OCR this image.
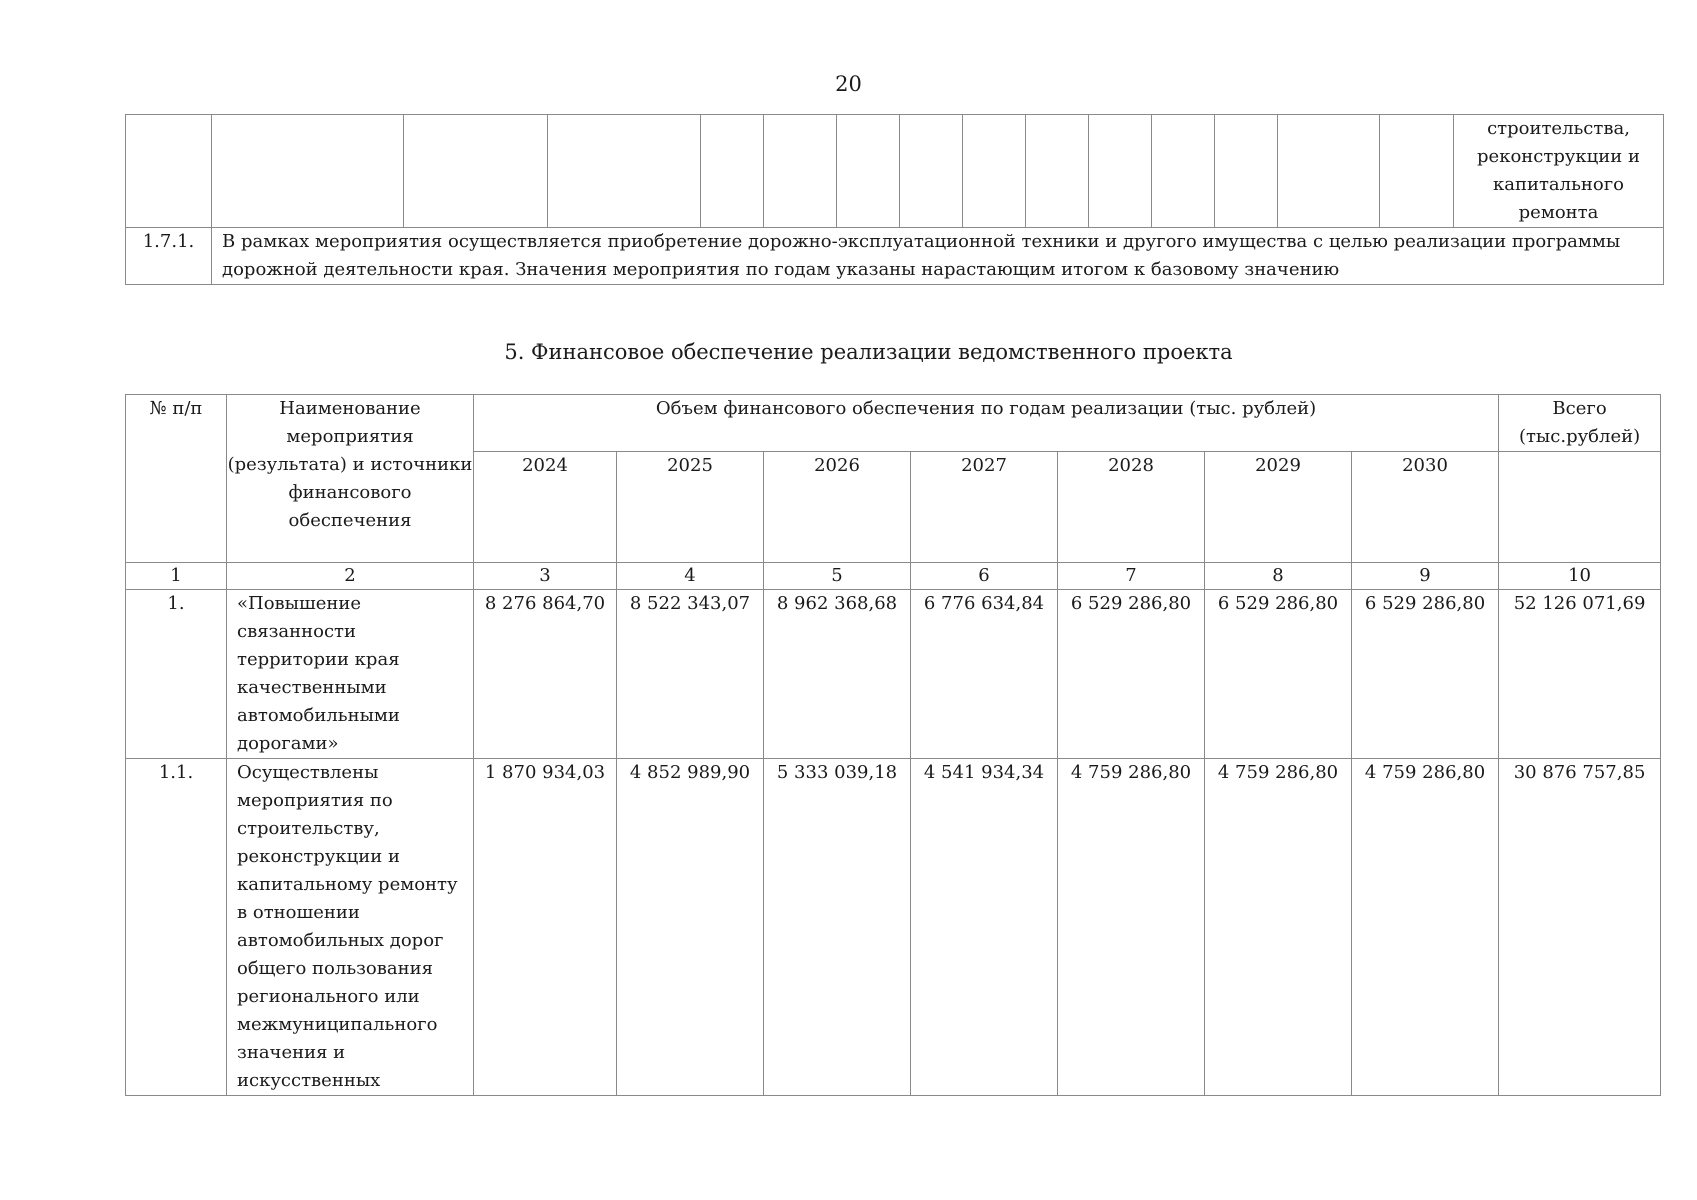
20
															строительства, реконструкции и капитального ремонта
1.7.1.	В рамках мероприятия осуществляется приобретение дорожно-эксплуатационной техники и другого имущества с целью реализации программы дорожной деятельности края. Значения мероприятия по годам указаны нарастающим итогом к базовому значению														
5. Финансовое обеспечение реализации ведомственного проекта
№ п/п	Наименование мероприятия (результата) и источники финансового обеспечения	Объем финансового обеспечения по годам реализации (тыс. рублей)							Всего (тыс.рублей)
		2024	2025	2026	2027	2028	2029	2030	
1	2	3	4	5	6	7	8	9	10
1.	«Повышение связанности территории края качественными автомобильными дорогами»	8 276 864,70	8 522 343,07	8 962 368,68	6 776 634,84	6 529 286,80	6 529 286,80	6 529 286,80	52 126 071,69
1.1.	Осуществлены мероприятия по строительству, реконструкции и капитальному ремонту в отношении автомобильных дорог общего пользования регионального или межмуниципального значения и искусственных	1 870 934,03	4 852 989,90	5 333 039,18	4 541 934,34	4 759 286,80	4 759 286,80	4 759 286,80	30 876 757,85
